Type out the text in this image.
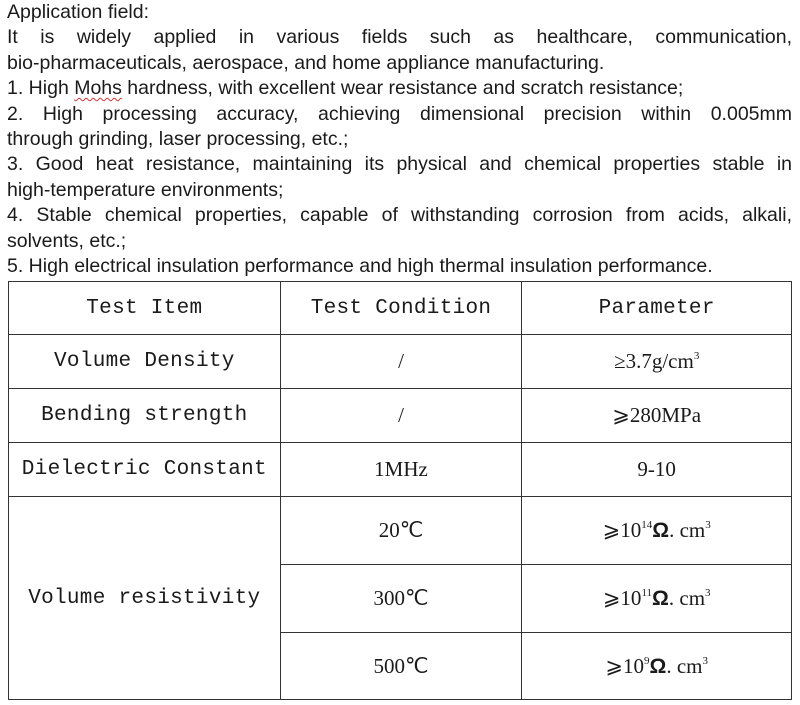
Application field:

It is widely applied in various fields such as healthcare, communication,

bio-pharmaceuticals, aerospace, and home appliance manufacturing.

1. High Mohs hardness, with excellent wear resistance and scratch resistance;

2. High processing accuracy, achieving dimensional precision within 0.005mm

through grinding, laser processing, etc.;

3. Good heat resistance, maintaining its physical and chemical properties stable in

high-temperature environments;

4. Stable chemical properties, capable of withstanding corrosion from acids, alkali,

solvents, etc.;

5. High electrical insulation performance and high thermal insulation performance.

Test Item	Test Condition	Parameter
Volume Density	/	$\ge 3.7g/cm^3$
Bending strength	/	⩾280MPa
Dielectric Constant	1MHz	9-10
Volume resistivity	20℃	$⩾10^{14}\Omega$. $cm^3$
	300℃	$⩾10^{11}\Omega$. $cm^3$
	500℃	$⩾10^9\Omega$. $cm^3$
